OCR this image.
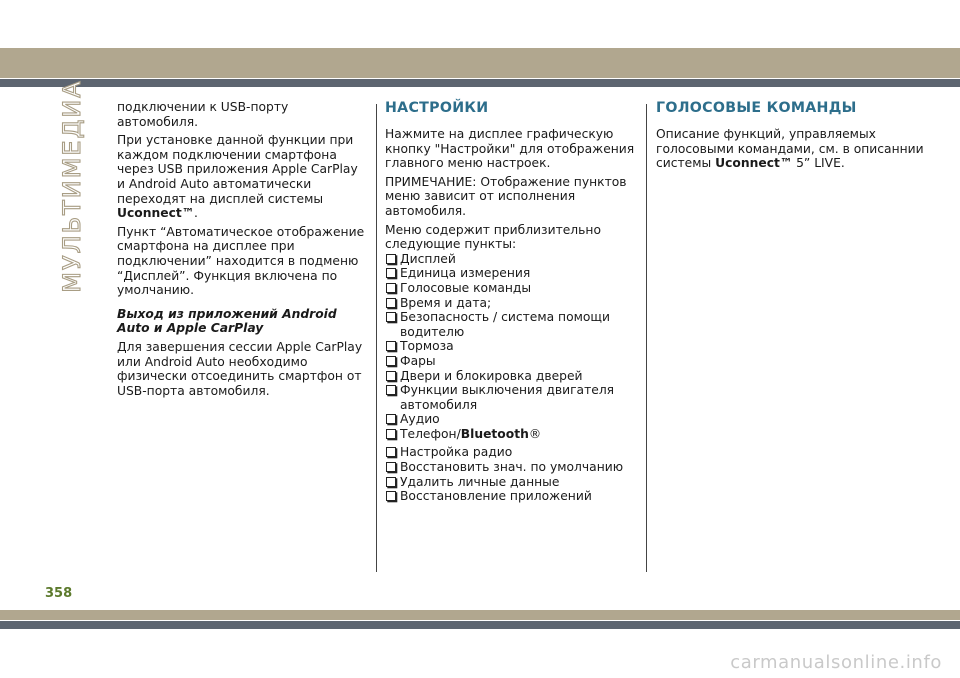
МУЛЬТИМЕДИА	подключении к USB-порту автомобиля.

При установке данной функции при каждом подключении смартфона через USB приложения Apple CarPlay и Android Auto автоматически переходят на дисплей системы Uconnect™.

Пункт “Автоматическое отображение смартфона на дисплее при подключении” находится в подменю “Дисплей”. Функция включена по умолчанию.

Выход из приложений Android Auto и Apple CarPlay

Для завершения сессии Apple CarPlay или Android Auto необходимо физически отсоединить смартфон от USB-порта автомобиля.

НАСТРОЙКИ

Нажмите на дисплее графическую кнопку "Настройки" для отображения главного меню настроек.

ПРИМЕЧАНИЕ: Отображение пунктов меню зависит от исполнения автомобиля.

Меню содержит приблизительно следующие пункты:

Дисплей
Единица измерения
Голосовые команды
Время и дата;
Безопасность / система помощи водителю
Тормоза
Фары
Двери и блокировка дверей
Функции выключения двигателя автомобиля
Аудио
Телефон/Bluetooth®
Настройка радио
Восстановить знач. по умолчанию
Удалить личные данные
Восстановление приложений
ГОЛОСОВЫЕ КОМАНДЫ

Описание функций, управляемых голосовыми командами, см. в описаннии системы Uconnect™ 5” LIVE.

358
carmanualsonline.info
